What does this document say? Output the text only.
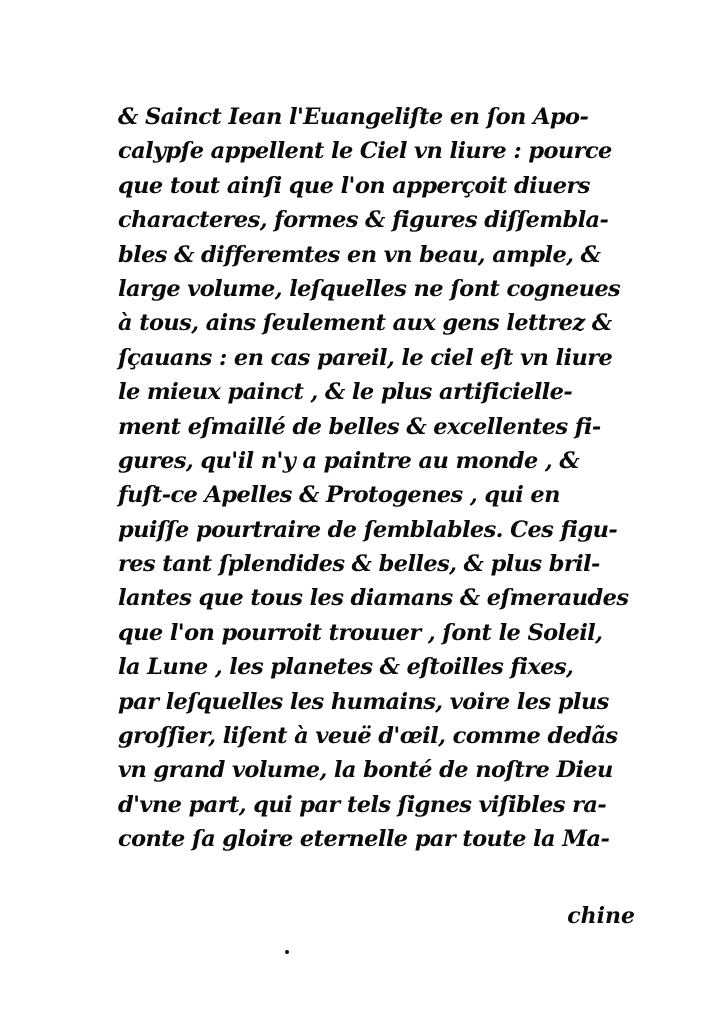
& Sainct Iean l'Euangeliſte en ſon Apo-
calypſe appellent le Ciel vn liure : pource
que tout ainſi que l'on apperçoit diuers
characteres, formes & figures diſſembla-
bles & differemtes en vn beau, ample, &
large volume, leſquelles ne ſont cogneues
à tous, ains ſeulement aux gens lettrez &
ſçauans : en cas pareil, le ciel eſt vn liure
le mieux painct , & le plus artificielle-
ment eſmaillé de belles & excellentes fi-
gures, qu'il n'y a paintre au monde , &
fuſt-ce Apelles & Protogenes , qui en
puiſſe pourtraire de ſemblables. Ces figu-
res tant ſplendides & belles, & plus bril-
lantes que tous les diamans & eſmeraudes
que l'on pourroit trouuer , ſont le Soleil,
la Lune , les planetes & eſtoilles fixes,
par leſquelles les humains, voire les plus
groſſier, liſent à veuë d'œil, comme dedãs
vn grand volume, la bonté de noſtre Dieu
d'vne part, qui par tels ſignes viſibles ra-
conte ſa gloire eternelle par toute la Ma-
chine
